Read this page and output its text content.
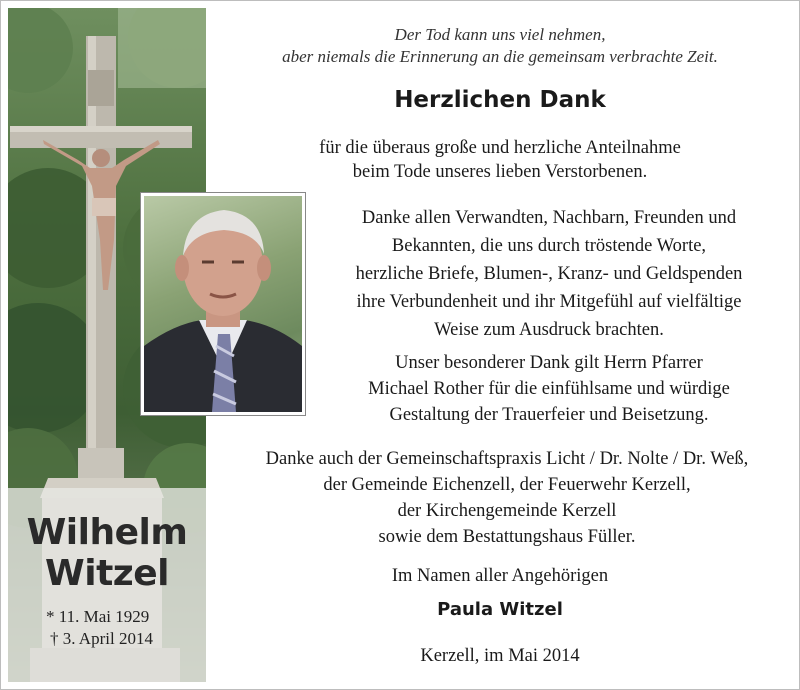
Wilhelm
Witzel
* 11. Mai 1929
† 3. April 2014
Der Tod kann uns viel nehmen,
aber niemals die Erinnerung an die gemeinsam verbrachte Zeit.
Herzlichen Dank
für die überaus große und herzliche Anteilnahme
beim Tode unseres lieben Verstorbenen.
Danke allen Verwandten, Nachbarn, Freunden und
Bekannten, die uns durch tröstende Worte,
herzliche Briefe, Blumen-, Kranz- und Geldspenden
ihre Verbundenheit und ihr Mitgefühl auf vielfältige
Weise zum Ausdruck brachten.
Unser besonderer Dank gilt Herrn Pfarrer
Michael Rother für die einfühlsame und würdige
Gestaltung der Trauerfeier und Beisetzung.
Danke auch der Gemeinschaftspraxis Licht / Dr. Nolte / Dr. Weß,
der Gemeinde Eichenzell, der Feuerwehr Kerzell,
der Kirchengemeinde Kerzell
sowie dem Bestattungshaus Füller.
Im Namen aller Angehörigen
Paula Witzel
Kerzell, im Mai 2014
